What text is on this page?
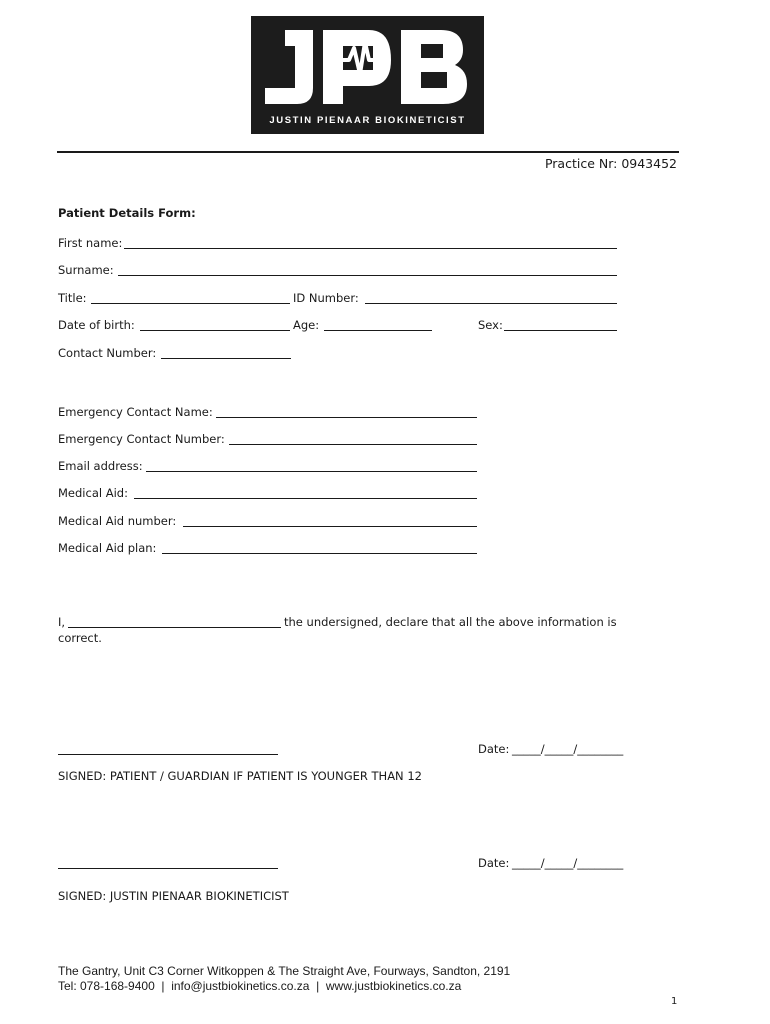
JUSTIN PIENAAR BIOKINETICIST
Practice Nr: 0943452
Patient Details Form:
First name:
Surname:
Title:	ID Number:
Date of birth:	Age:	Sex:
Contact Number:
Emergency Contact Name:
Emergency Contact Number:
Email address:
Medical Aid:
Medical Aid number:
Medical Aid plan:
I,	the undersigned, declare that all the above information is
correct.
Date: _____/_____/________
SIGNED: PATIENT / GUARDIAN IF PATIENT IS YOUNGER THAN 12
Date: _____/_____/________
SIGNED: JUSTIN PIENAAR BIOKINETICIST
The Gantry, Unit C3 Corner Witkoppen & The Straight Ave, Fourways, Sandton, 2191
Tel: 078-168-9400  |  info@justbiokinetics.co.za  |  www.justbiokinetics.co.za
1
